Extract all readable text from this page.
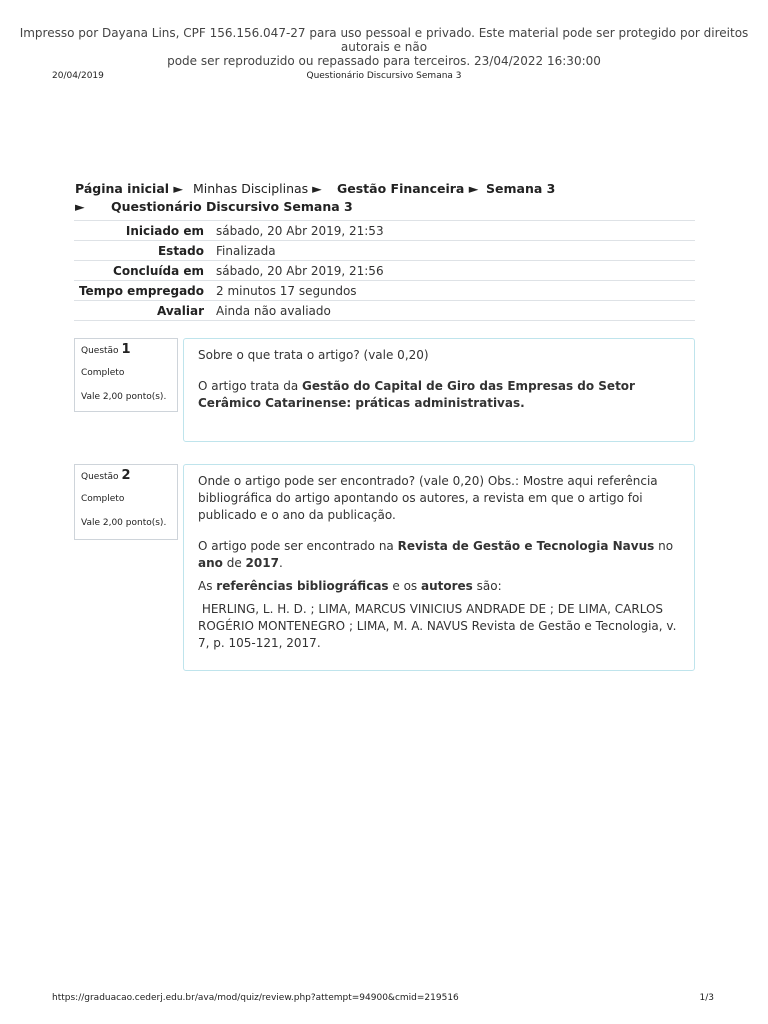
Impresso por Dayana Lins, CPF 156.156.047-27 para uso pessoal e privado. Este material pode ser protegido por direitos autorais e não
pode ser reproduzido ou repassado para terceiros. 23/04/2022 16:30:00
20/04/2019	Questionário Discursivo Semana 3
Página inicial ► Minhas Disciplinas ►	Gestão Financeira ► Semana 3
►	Questionário Discursivo Semana 3
Iniciado em	sábado, 20 Abr 2019, 21:53
Estado	Finalizada
Concluída em	sábado, 20 Abr 2019, 21:56
Tempo empregado	2 minutos 17 segundos
Avaliar	Ainda não avaliado
Questão 1
Completo
Vale 2,00 ponto(s).

Sobre o que trata o artigo? (vale 0,20)

O artigo trata da Gestão do Capital de Giro das Empresas do Setor Cerâmico Catarinense: práticas administrativas.

Questão 2
Completo
Vale 2,00 ponto(s).

Onde o artigo pode ser encontrado? (vale 0,20) Obs.: Mostre aqui referência bibliográfica do artigo apontando os autores, a revista em que o artigo foi publicado e o ano da publicação.

O artigo pode ser encontrado na Revista de Gestão e Tecnologia Navus no ano de 2017.

As referências bibliográficas e os autores são:

HERLING, L. H. D. ; LIMA, MARCUS VINICIUS ANDRADE DE ; DE LIMA, CARLOS ROGÉRIO MONTENEGRO ; LIMA, M. A. NAVUS Revista de Gestão e Tecnologia, v. 7, p. 105-121, 2017.

https://graduacao.cederj.edu.br/ava/mod/quiz/review.php?attempt=94900&cmid=219516	1/3
